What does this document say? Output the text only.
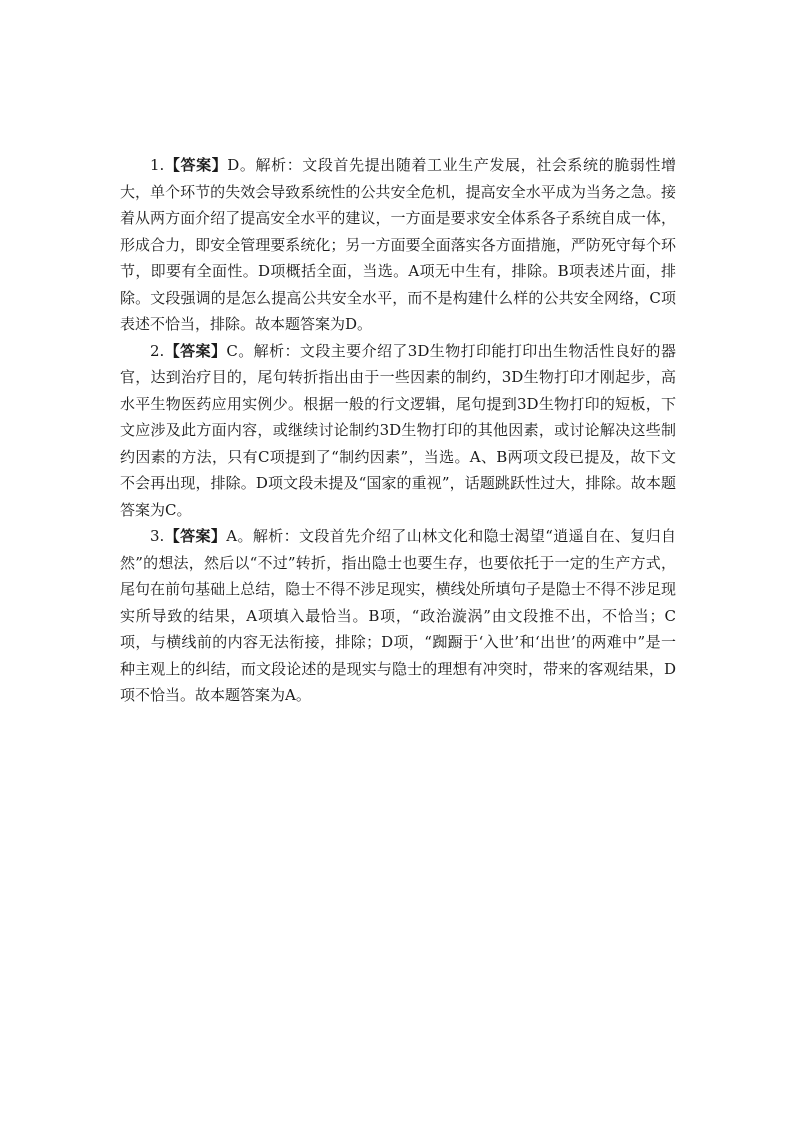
1.【答案】D。解析：文段首先提出随着工业生产发展，社会系统的脆弱性增大，单个环节的失效会导致系统性的公共安全危机，提高安全水平成为当务之急。接着从两方面介绍了提高安全水平的建议，一方面是要求安全体系各子系统自成一体，形成合力，即安全管理要系统化；另一方面要全面落实各方面措施，严防死守每个环节，即要有全面性。D项概括全面，当选。A项无中生有，排除。B项表述片面，排除。文段强调的是怎么提高公共安全水平，而不是构建什么样的公共安全网络，C项表述不恰当，排除。故本题答案为D。

2.【答案】C。解析：文段主要介绍了3D生物打印能打印出生物活性良好的器官，达到治疗目的，尾句转折指出由于一些因素的制约，3D生物打印才刚起步，高水平生物医药应用实例少。根据一般的行文逻辑，尾句提到3D生物打印的短板，下文应涉及此方面内容，或继续讨论制约3D生物打印的其他因素，或讨论解决这些制约因素的方法，只有C项提到了“制约因素”，当选。A、B两项文段已提及，故下文不会再出现，排除。D项文段未提及“国家的重视”，话题跳跃性过大，排除。故本题答案为C。

3.【答案】A。解析：文段首先介绍了山林文化和隐士渴望“逍遥自在、复归自然”的想法，然后以“不过”转折，指出隐士也要生存，也要依托于一定的生产方式，尾句在前句基础上总结，隐士不得不涉足现实，横线处所填句子是隐士不得不涉足现实所导致的结果，A项填入最恰当。B项，“政治漩涡”由文段推不出，不恰当；C项，与横线前的内容无法衔接，排除；D项，“踟蹰于‘入世’和‘出世’的两难中”是一种主观上的纠结，而文段论述的是现实与隐士的理想有冲突时，带来的客观结果，D项不恰当。故本题答案为A。
